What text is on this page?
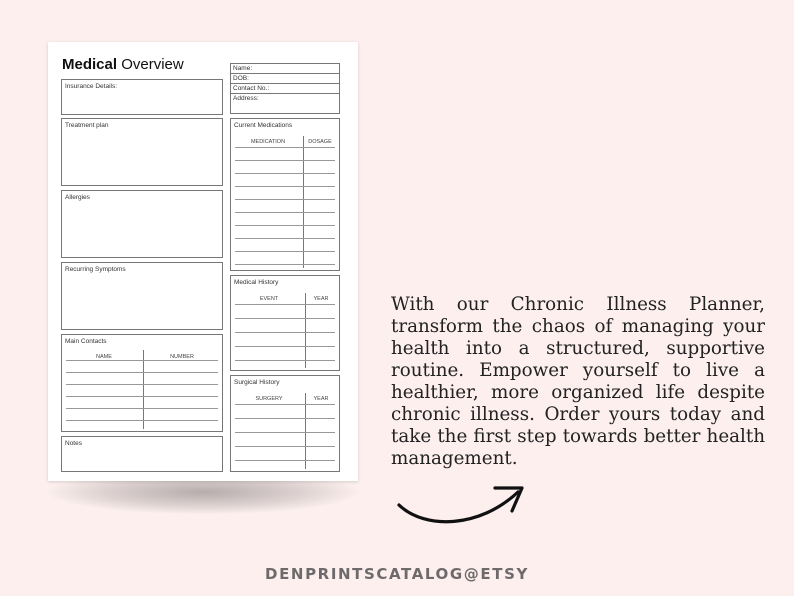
Medical Overview	Name:
DOB:
Contact No.:
Address:
Insurance Details:
Treatment plan
Allergies
Recurring Symptoms
Main Contacts
NAME	NUMBER
Notes
Current Medications
MEDICATION	DOSAGE
Medical History
EVENT	YEAR
Surgical History
SURGERY	YEAR
With our Chronic Illness Planner, transform the chaos of managing your health into a structured, supportive routine. Empower yourself to live a healthier, more organized life despite chronic illness. Order yours today and take the first step towards better health management.
DENPRINTSCATALOG@ETSY
